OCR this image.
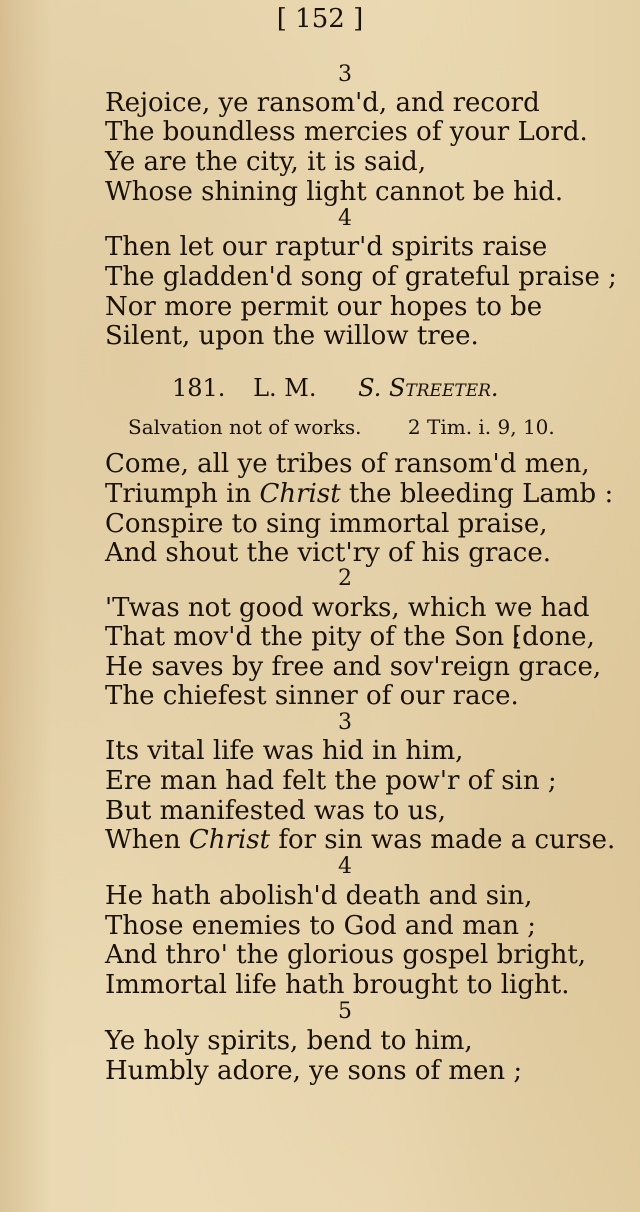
[ 152 ]
3
Rejoice, ye ransom'd, and record
The boundless mercies of your Lord.
Ye are the city, it is said,
Whose shining light cannot be hid.
4
Then let our raptur'd spirits raise
The gladden'd song of grateful praise ;
Nor more permit our hopes to be
Silent, upon the willow tree.
181. L. M. S. Streeter.
Salvation not of works. 2 Tim. i. 9, 10.
Come, all ye tribes of ransom'd men,
Triumph in Christ the bleeding Lamb :
Conspire to sing immortal praise,
And shout the vict'ry of his grace.
2
'Twas not good works, which we had
That mov'd the pity of the Son ;
[done,
He saves by free and sov'reign grace,
The chiefest sinner of our race.
3
Its vital life was hid in him,
Ere man had felt the pow'r of sin ;
But manifested was to us,
When Christ for sin was made a curse.
4
He hath abolish'd death and sin,
Those enemies to God and man ;
And thro' the glorious gospel bright,
Immortal life hath brought to light.
5
Ye holy spirits, bend to him,
Humbly adore, ye sons of men ;
